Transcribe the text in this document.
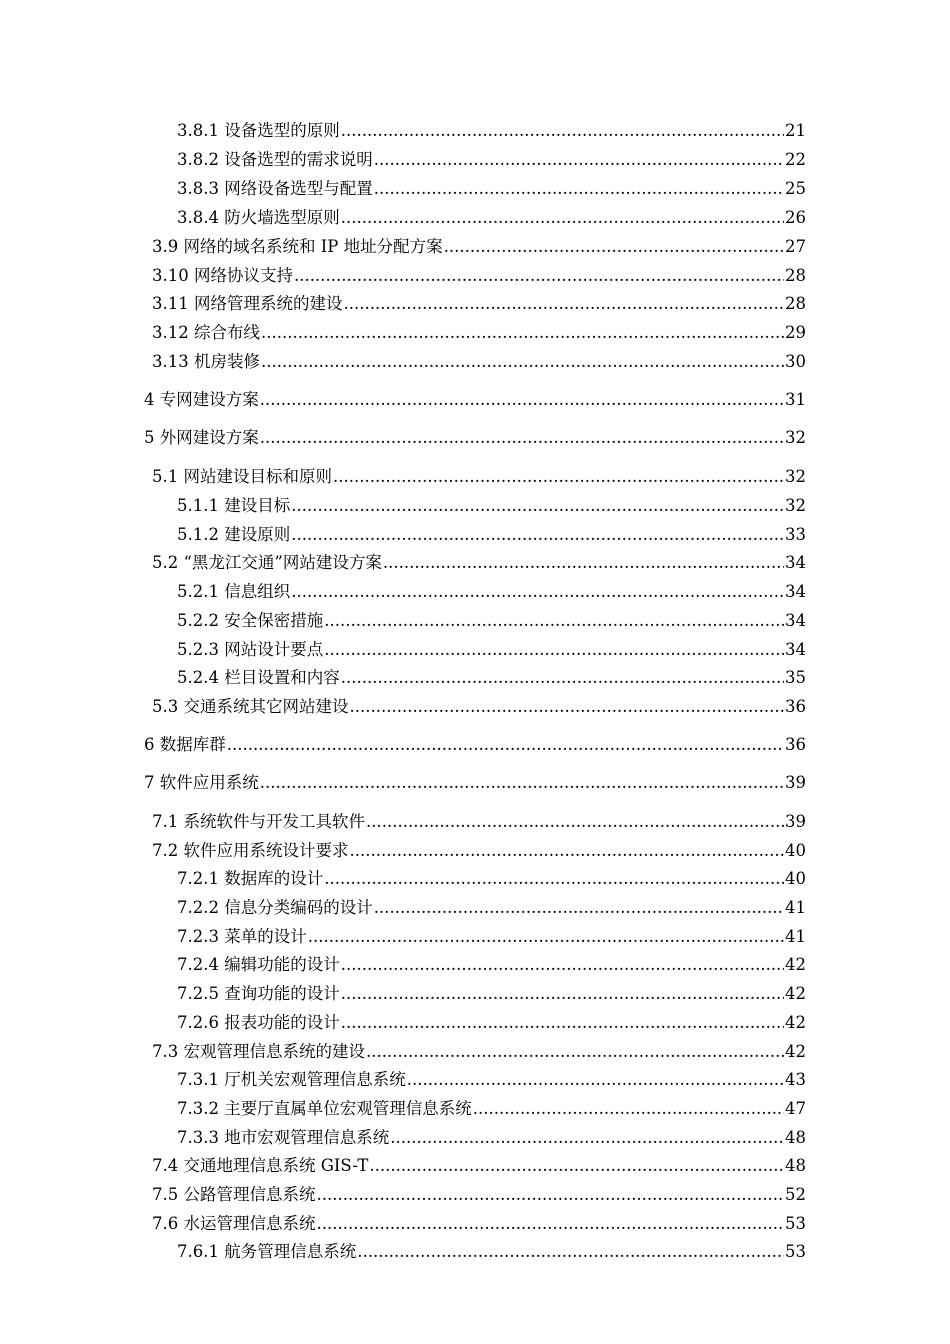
3.8.1 设备选型的原则 .....	21
3.8.2 设备选型的需求说明 .....	22
3.8.3 网络设备选型与配置 .....	25
3.8.4 防火墙选型原则 .....	26
3.9 网络的域名系统和 IP 地址分配方案 .....	27
3.10 网络协议支持 .....	28
3.11 网络管理系统的建设 .....	28
3.12 综合布线 .....	29
3.13 机房装修 .....	30
4 专网建设方案 .....	31
5 外网建设方案 .....	32
5.1 网站建设目标和原则 .....	32
5.1.1 建设目标 .....	32
5.1.2 建设原则 .....	33
5.2 “黑龙江交通”网站建设方案 .....	34
5.2.1 信息组织 .....	34
5.2.2 安全保密措施 .....	34
5.2.3 网站设计要点 .....	34
5.2.4 栏目设置和内容 .....	35
5.3 交通系统其它网站建设 .....	36
6 数据库群 .....	36
7 软件应用系统 .....	39
7.1 系统软件与开发工具软件 .....	39
7.2 软件应用系统设计要求 .....	40
7.2.1 数据库的设计 .....	40
7.2.2 信息分类编码的设计 .....	41
7.2.3 菜单的设计 .....	41
7.2.4 编辑功能的设计 .....	42
7.2.5 查询功能的设计 .....	42
7.2.6 报表功能的设计 .....	42
7.3 宏观管理信息系统的建设 .....	42
7.3.1 厅机关宏观管理信息系统 .....	43
7.3.2 主要厅直属单位宏观管理信息系统 .....	47
7.3.3 地市宏观管理信息系统 .....	48
7.4 交通地理信息系统 GIS-T .....	48
7.5 公路管理信息系统 .....	52
7.6 水运管理信息系统 .....	53
7.6.1 航务管理信息系统 .....	53
